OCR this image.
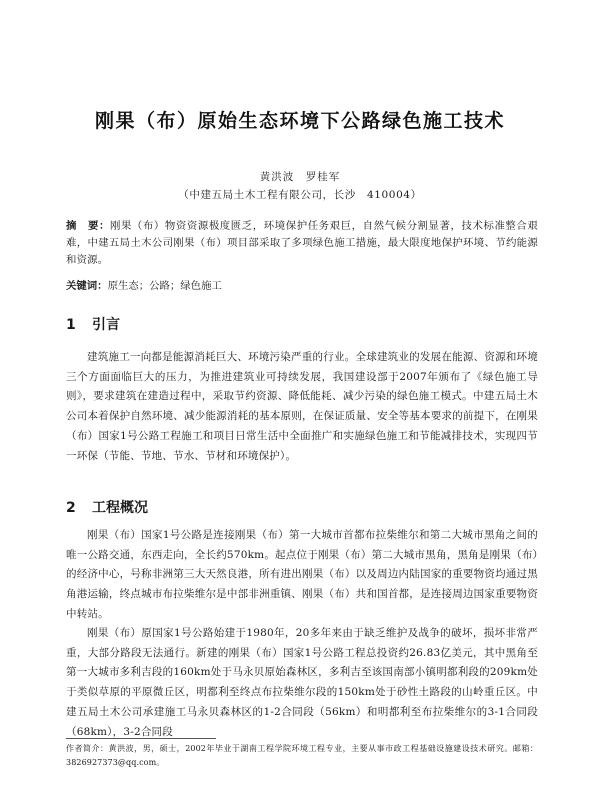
刚果（布）原始生态环境下公路绿色施工技术
黄洪波　罗桂军
（中建五局土木工程有限公司，长沙　410004）
摘　要：刚果（布）物资资源极度匮乏，环境保护任务艰巨，自然气候分割显著，技术标准整合艰难，中建五局土木公司刚果（布）项目部采取了多项绿色施工措施，最大限度地保护环境、节约能源和资源。
关键词：原生态；公路；绿色施工
1 引言
建筑施工一向都是能源消耗巨大、环境污染严重的行业。全球建筑业的发展在能源、资源和环境三个方面面临巨大的压力，为推进建筑业可持续发展，我国建设部于2007年颁布了《绿色施工导则》，要求建筑在建造过程中，采取节约资源、降低能耗、减少污染的绿色施工模式。中建五局土木公司本着保护自然环境、减少能源消耗的基本原则，在保证质量、安全等基本要求的前提下，在刚果（布）国家1号公路工程施工和项目日常生活中全面推广和实施绿色施工和节能减排技术，实现四节一环保（节能、节地、节水、节材和环境保护）。
2 工程概况
刚果（布）国家1号公路是连接刚果（布）第一大城市首都布拉柴维尔和第二大城市黑角之间的唯一公路交通，东西走向，全长约570km。起点位于刚果（布）第二大城市黑角，黑角是刚果（布）的经济中心，号称非洲第三大天然良港，所有进出刚果（布）以及周边内陆国家的重要物资均通过黑角港运输，终点城市布拉柴维尔是中部非洲重镇、刚果（布）共和国首都，是连接周边国家重要物资中转站。
刚果（布）原国家1号公路始建于1980年，20多年来由于缺乏维护及战争的破坏，损坏非常严重，大部分路段无法通行。新建的刚果（布）国家1号公路工程总投资约26.83亿美元，其中黑角至第一大城市多利吉段的160km处于马永贝原始森林区，多利吉至该国南部小镇明都利段的209km处于类似草原的平原微丘区，明都利至终点布拉柴维尔段的150km处于砂性土路段的山岭重丘区。中建五局土木公司承建施工马永贝森林区的1-2合同段（56km）和明都利至布拉柴维尔的3-1合同段（68km），3-2合同段
作者简介：黄洪波，男，硕士，2002年毕业于湖南工程学院环境工程专业，主要从事市政工程基础设施建设技术研究。邮箱：3826927373@qq.com。
